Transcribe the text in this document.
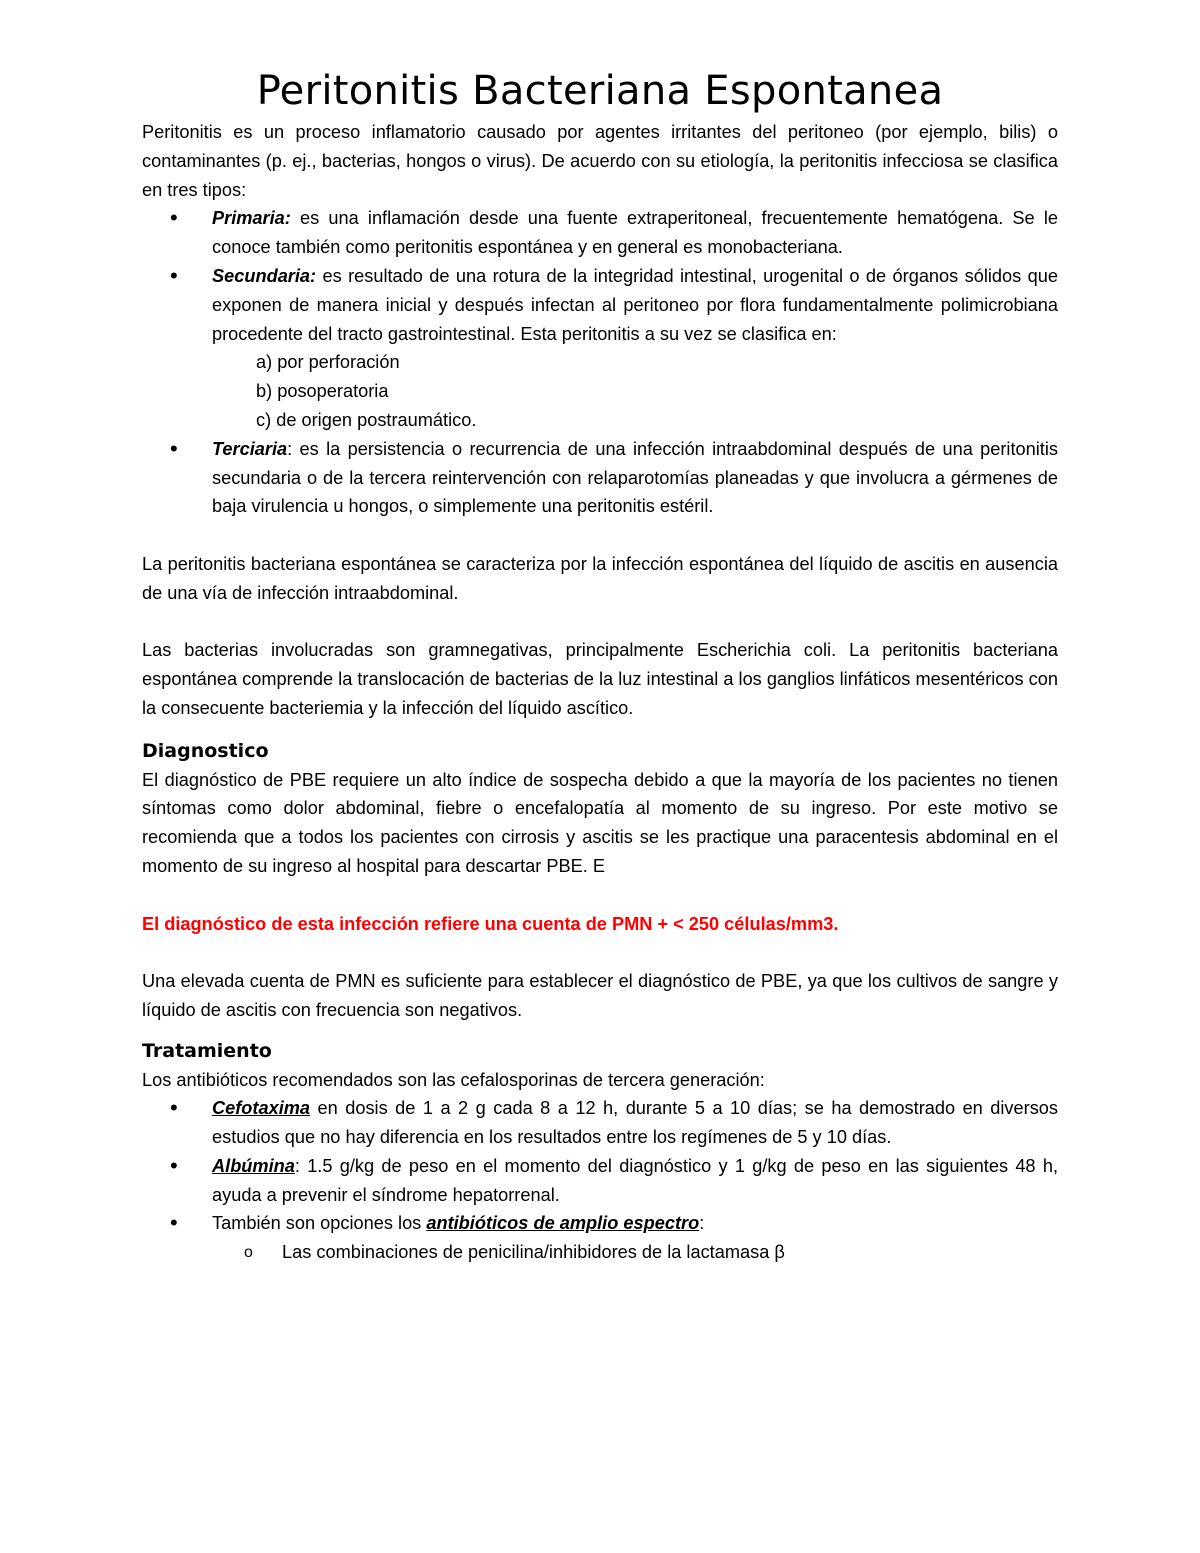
Peritonitis Bacteriana Espontanea

Peritonitis es un proceso inflamatorio causado por agentes irritantes del peritoneo (por ejemplo, bilis) o contaminantes (p. ej., bacterias, hongos o virus). De acuerdo con su etiología, la peritonitis infecciosa se clasifica en tres tipos:

• Primaria: es una inflamación desde una fuente extraperitoneal, frecuentemente hematógena. Se le conoce también como peritonitis espontánea y en general es monobacteriana.
• Secundaria: es resultado de una rotura de la integridad intestinal, urogenital o de órganos sólidos que exponen de manera inicial y después infectan al peritoneo por flora fundamentalmente polimicrobiana procedente del tracto gastrointestinal. Esta peritonitis a su vez se clasifica en:
a) por perforación
b) posoperatoria
c) de origen postraumático.
• Terciaria: es la persistencia o recurrencia de una infección intraabdominal después de una peritonitis secundaria o de la tercera reintervención con relaparotomías planeadas y que involucra a gérmenes de baja virulencia u hongos, o simplemente una peritonitis estéril.

La peritonitis bacteriana espontánea se caracteriza por la infección espontánea del líquido de ascitis en ausencia de una vía de infección intraabdominal.

Las bacterias involucradas son gramnegativas, principalmente Escherichia coli. La peritonitis bacteriana espontánea comprende la translocación de bacterias de la luz intestinal a los ganglios linfáticos mesentéricos con la consecuente bacteriemia y la infección del líquido ascítico.

Diagnostico

El diagnóstico de PBE requiere un alto índice de sospecha debido a que la mayoría de los pacientes no tienen síntomas como dolor abdominal, fiebre o encefalopatía al momento de su ingreso. Por este motivo se recomienda que a todos los pacientes con cirrosis y ascitis se les practique una paracentesis abdominal en el momento de su ingreso al hospital para descartar PBE. E

El diagnóstico de esta infección refiere una cuenta de PMN + < 250 células/mm3.

Una elevada cuenta de PMN es suficiente para establecer el diagnóstico de PBE, ya que los cultivos de sangre y líquido de ascitis con frecuencia son negativos.

Tratamiento

Los antibióticos recomendados son las cefalosporinas de tercera generación:

• Cefotaxima en dosis de 1 a 2 g cada 8 a 12 h, durante 5 a 10 días; se ha demostrado en diversos estudios que no hay diferencia en los resultados entre los regímenes de 5 y 10 días.
• Albúmina: 1.5 g/kg de peso en el momento del diagnóstico y 1 g/kg de peso en las siguientes 48 h, ayuda a prevenir el síndrome hepatorrenal.
• También son opciones los antibióticos de amplio espectro:
o Las combinaciones de penicilina/inhibidores de la lactamasa β
